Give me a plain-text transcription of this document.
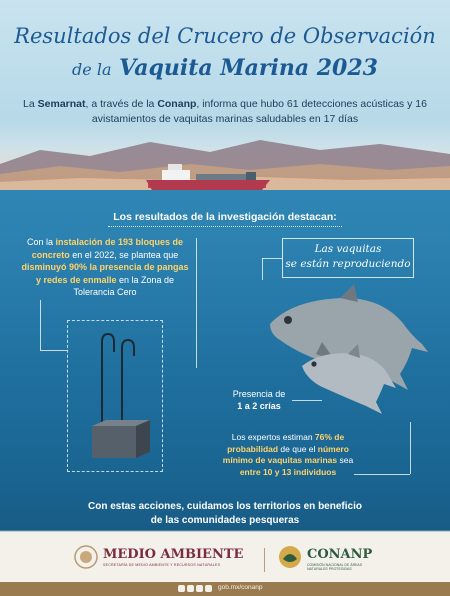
Resultados del Crucero de Observación
de la Vaquita Marina 2023
La Semarnat, a través de la Conanp, informa que hubo 61 detecciones acústicas y 16 avistamientos de vaquitas marinas saludables en 17 días
Los resultados de la investigación destacan:
Con la instalación de 193 bloques de concreto en el 2022, se plantea que disminuyó 90% la presencia de pangas y redes de enmalle en la Zona de Tolerancia Cero
Las vaquitas
se están reproduciendo
Presencia de
1 a 2 crías
Los expertos estiman 76% de probabilidad de que el número mínimo de vaquitas marinas sea entre 10 y 13 individuos
Con estas acciones, cuidamos los territorios en beneficio
de las comunidades pesqueras
MEDIO AMBIENTE
SECRETARÍA DE MEDIO AMBIENTE Y RECURSOS NATURALES
CONANP
COMISIÓN NACIONAL DE ÁREAS NATURALES PROTEGIDAS
gob.mx/conanp
